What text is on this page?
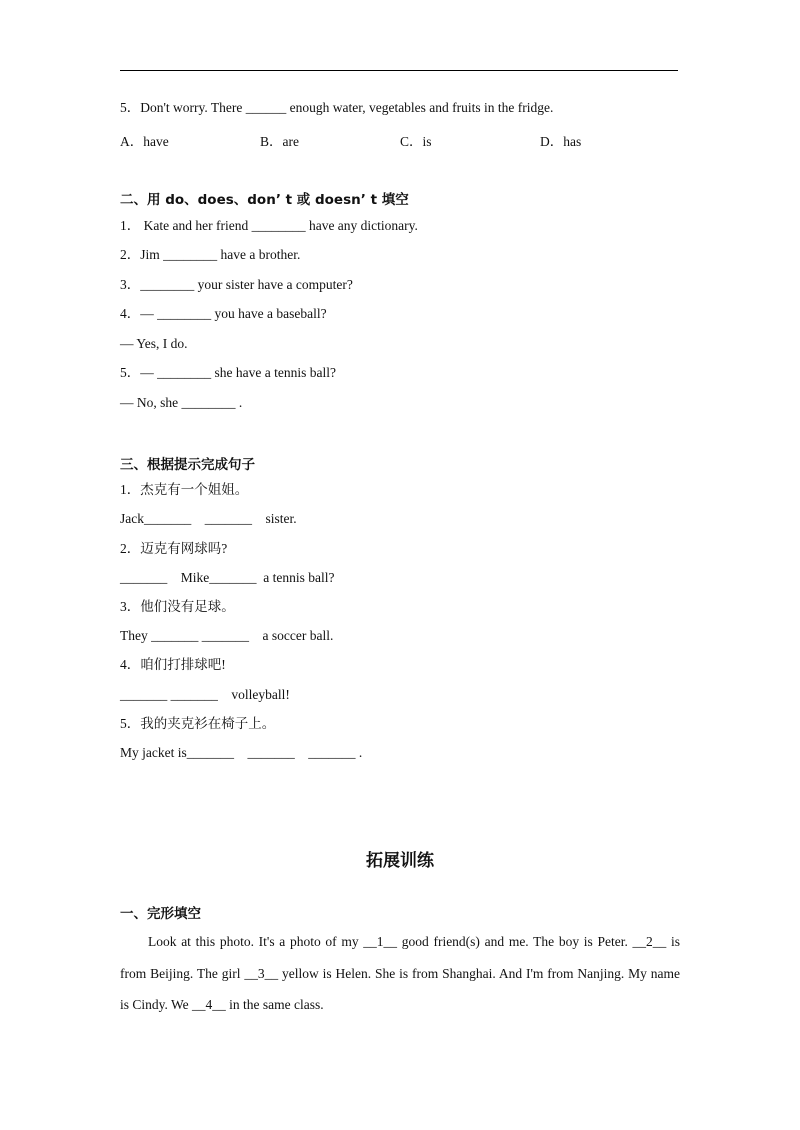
5．Don't worry. There ______ enough water, vegetables and fruits in the fridge.
A．have	B．are	C．is	D．has
二、用 do、does、don’ t 或 doesn’ t 填空
1． Kate and her friend ________ have any dictionary.
2．Jim ________ have a brother.
3．________ your sister have a computer?
4．— ________ you have a baseball?
— Yes, I do.
5．— ________ she have a tennis ball?
— No, she ________ .
三、根据提示完成句子
1．杰克有一个姐姐。
Jack_______    _______    sister.
2．迈克有网球吗?
_______    Mike_______  a tennis ball?
3．他们没有足球。
They _______ _______    a soccer ball.
4．咱们打排球吧!
_______ _______    volleyball!
5．我的夹克衫在椅子上。
My jacket is_______    _______    _______ .
拓展训练
一、完形填空
Look at this photo. It's a photo of my __1__ good friend(s) and me. The boy is Peter. __2__ is from Beijing. The girl __3__ yellow is Helen. She is from Shanghai. And I'm from Nanjing. My name is Cindy. We __4__ in the same class.
